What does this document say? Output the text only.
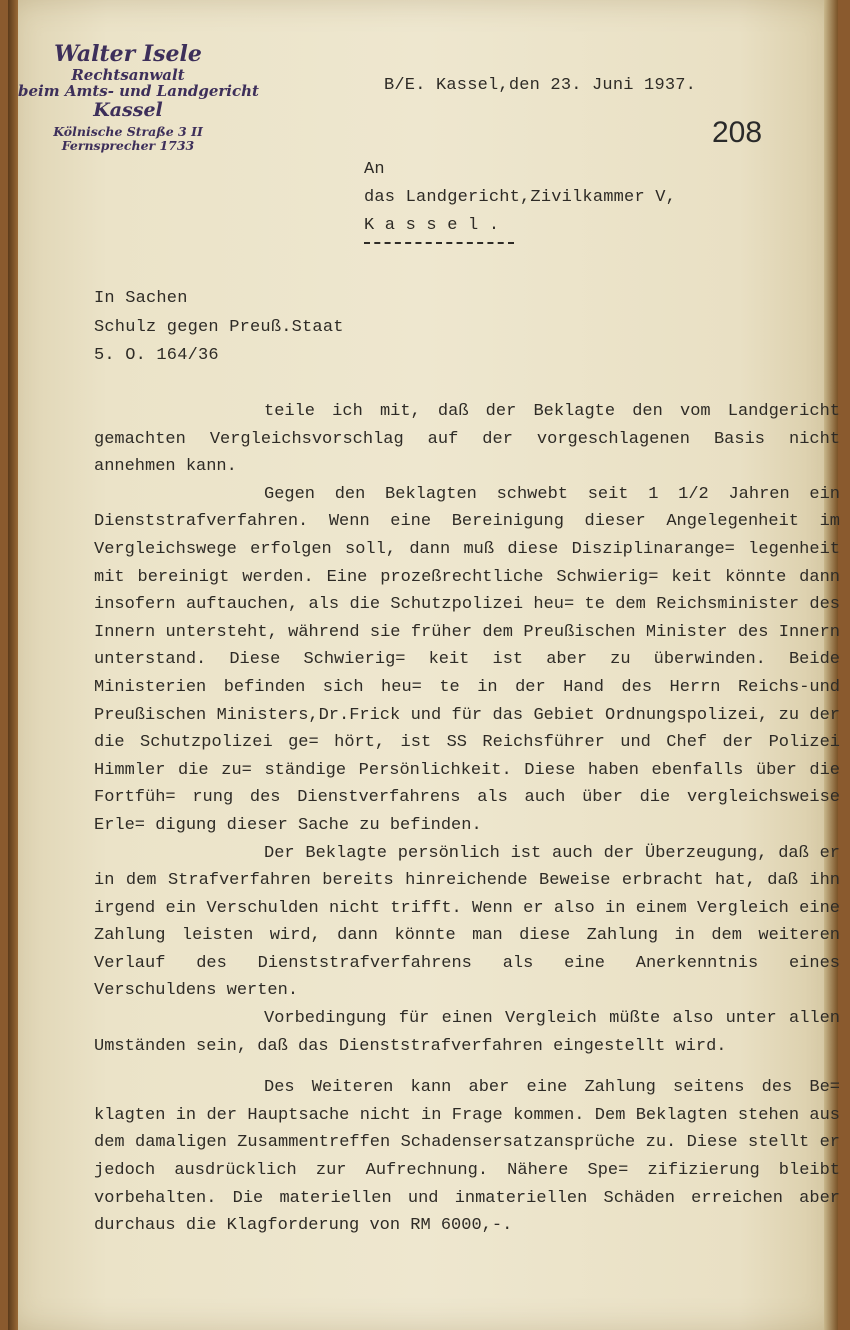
Walter Isele
Rechtsanwalt
beim Amts- und Landgericht
Kassel
Kölnische Straße 3 II
Fernsprecher 1733
B/E. Kassel,den 23. Juni 1937.
208
An
das Landgericht,Zivilkammer V,
K a s s e l .
In Sachen
Schulz gegen Preuß.Staat
5. O. 164/36

teile ich mit, daß der Beklagte den vom Landgericht gemachten Vergleichsvorschlag auf der vorgeschlagenen Basis nicht annehmen kann.

Gegen den Beklagten schwebt seit 1 1/2 Jahren ein Dienststrafverfahren. Wenn eine Bereinigung dieser Angelegenheit im Vergleichswege erfolgen soll, dann muß diese Disziplinarange= legenheit mit bereinigt werden. Eine prozeßrechtliche Schwierig= keit könnte dann insofern auftauchen, als die Schutzpolizei heu= te dem Reichsminister des Innern untersteht, während sie früher dem Preußischen Minister des Innern unterstand. Diese Schwierig= keit ist aber zu überwinden. Beide Ministerien befinden sich heu= te in der Hand des Herrn Reichs-und Preußischen Ministers,Dr.Frick und für das Gebiet Ordnungspolizei, zu der die Schutzpolizei ge= hört, ist SS Reichsführer und Chef der Polizei Himmler die zu= ständige Persönlichkeit. Diese haben ebenfalls über die Fortfüh= rung des Dienstverfahrens als auch über die vergleichsweise Erle= digung dieser Sache zu befinden.

Der Beklagte persönlich ist auch der Überzeugung, daß er in dem Strafverfahren bereits hinreichende Beweise erbracht hat, daß ihn irgend ein Verschulden nicht trifft. Wenn er also in einem Vergleich eine Zahlung leisten wird, dann könnte man diese Zahlung in dem weiteren Verlauf des Dienststrafverfahrens als eine Anerkenntnis eines Verschuldens werten.

Vorbedingung für einen Vergleich müßte also unter allen Umständen sein, daß das Dienststrafverfahren eingestellt wird.

Des Weiteren kann aber eine Zahlung seitens des Be= klagten in der Hauptsache nicht in Frage kommen. Dem Beklagten stehen aus dem damaligen Zusammentreffen Schadensersatzansprüche zu. Diese stellt er jedoch ausdrücklich zur Aufrechnung. Nähere Spe= zifizierung bleibt vorbehalten. Die materiellen und inmateriellen Schäden erreichen aber durchaus die Klagforderung von RM 6000,-.
